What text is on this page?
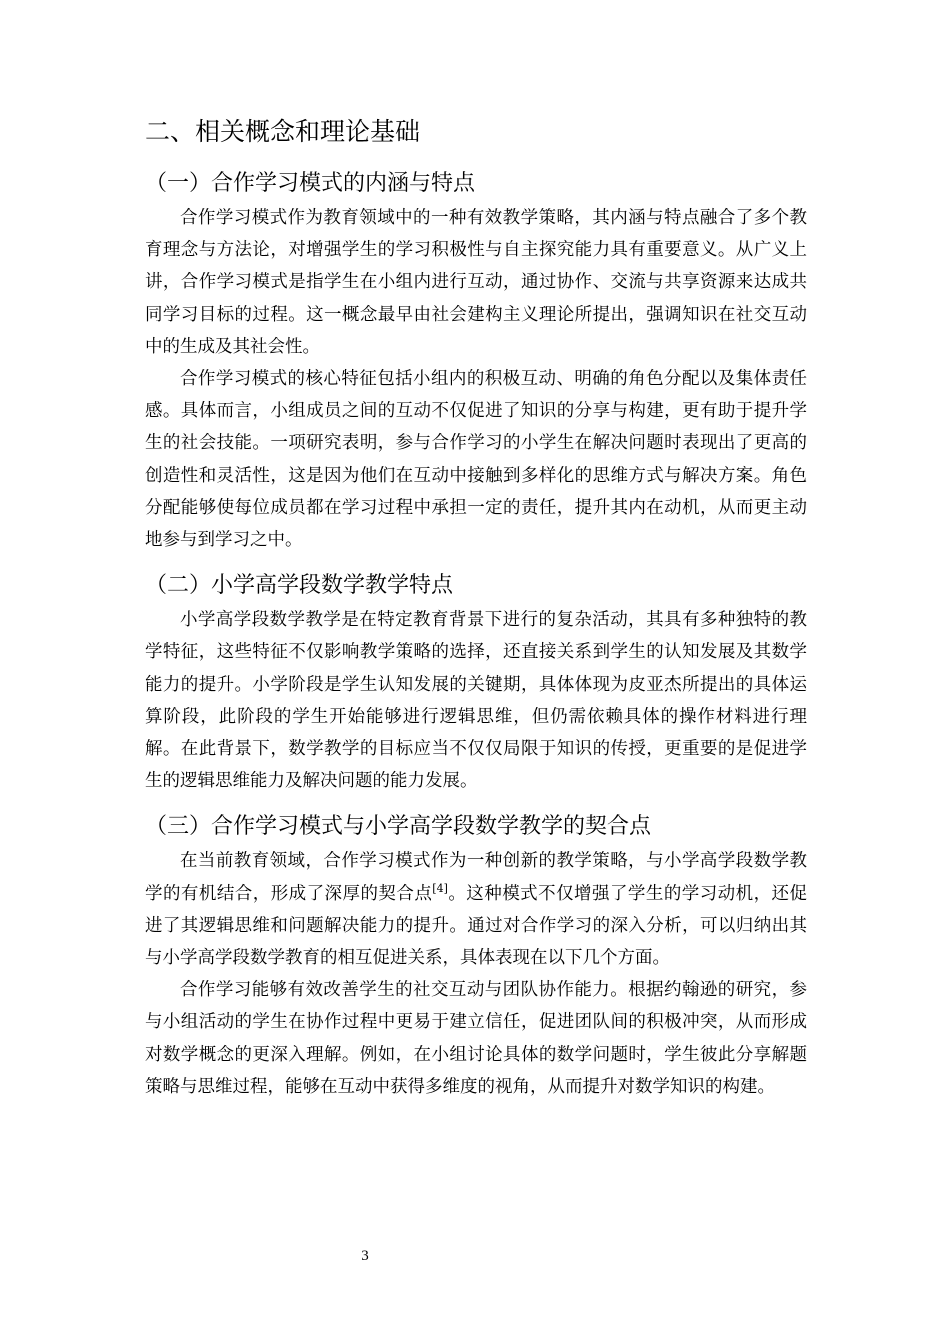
二、相关概念和理论基础
（一）合作学习模式的内涵与特点

合作学习模式作为教育领域中的一种有效教学策略，其内涵与特点融合了多个教育理念与方法论，对增强学生的学习积极性与自主探究能力具有重要意义。从广义上讲，合作学习模式是指学生在小组内进行互动，通过协作、交流与共享资源来达成共同学习目标的过程。这一概念最早由社会建构主义理论所提出，强调知识在社交互动中的生成及其社会性。

合作学习模式的核心特征包括小组内的积极互动、明确的角色分配以及集体责任感。具体而言，小组成员之间的互动不仅促进了知识的分享与构建，更有助于提升学生的社会技能。一项研究表明，参与合作学习的小学生在解决问题时表现出了更高的创造性和灵活性，这是因为他们在互动中接触到多样化的思维方式与解决方案。角色分配能够使每位成员都在学习过程中承担一定的责任，提升其内在动机，从而更主动地参与到学习之中。

（二）小学高学段数学教学特点

小学高学段数学教学是在特定教育背景下进行的复杂活动，其具有多种独特的教学特征，这些特征不仅影响教学策略的选择，还直接关系到学生的认知发展及其数学能力的提升。小学阶段是学生认知发展的关键期，具体体现为皮亚杰所提出的具体运算阶段，此阶段的学生开始能够进行逻辑思维，但仍需依赖具体的操作材料进行理解。在此背景下，数学教学的目标应当不仅仅局限于知识的传授，更重要的是促进学生的逻辑思维能力及解决问题的能力发展。

（三）合作学习模式与小学高学段数学教学的契合点

在当前教育领域，合作学习模式作为一种创新的教学策略，与小学高学段数学教学的有机结合，形成了深厚的契合点[4]。这种模式不仅增强了学生的学习动机，还促进了其逻辑思维和问题解决能力的提升。通过对合作学习的深入分析，可以归纳出其与小学高学段数学教育的相互促进关系，具体表现在以下几个方面。

合作学习能够有效改善学生的社交互动与团队协作能力。根据约翰逊的研究，参与小组活动的学生在协作过程中更易于建立信任，促进团队间的积极冲突，从而形成对数学概念的更深入理解。例如，在小组讨论具体的数学问题时，学生彼此分享解题策略与思维过程，能够在互动中获得多维度的视角，从而提升对数学知识的构建。

3
